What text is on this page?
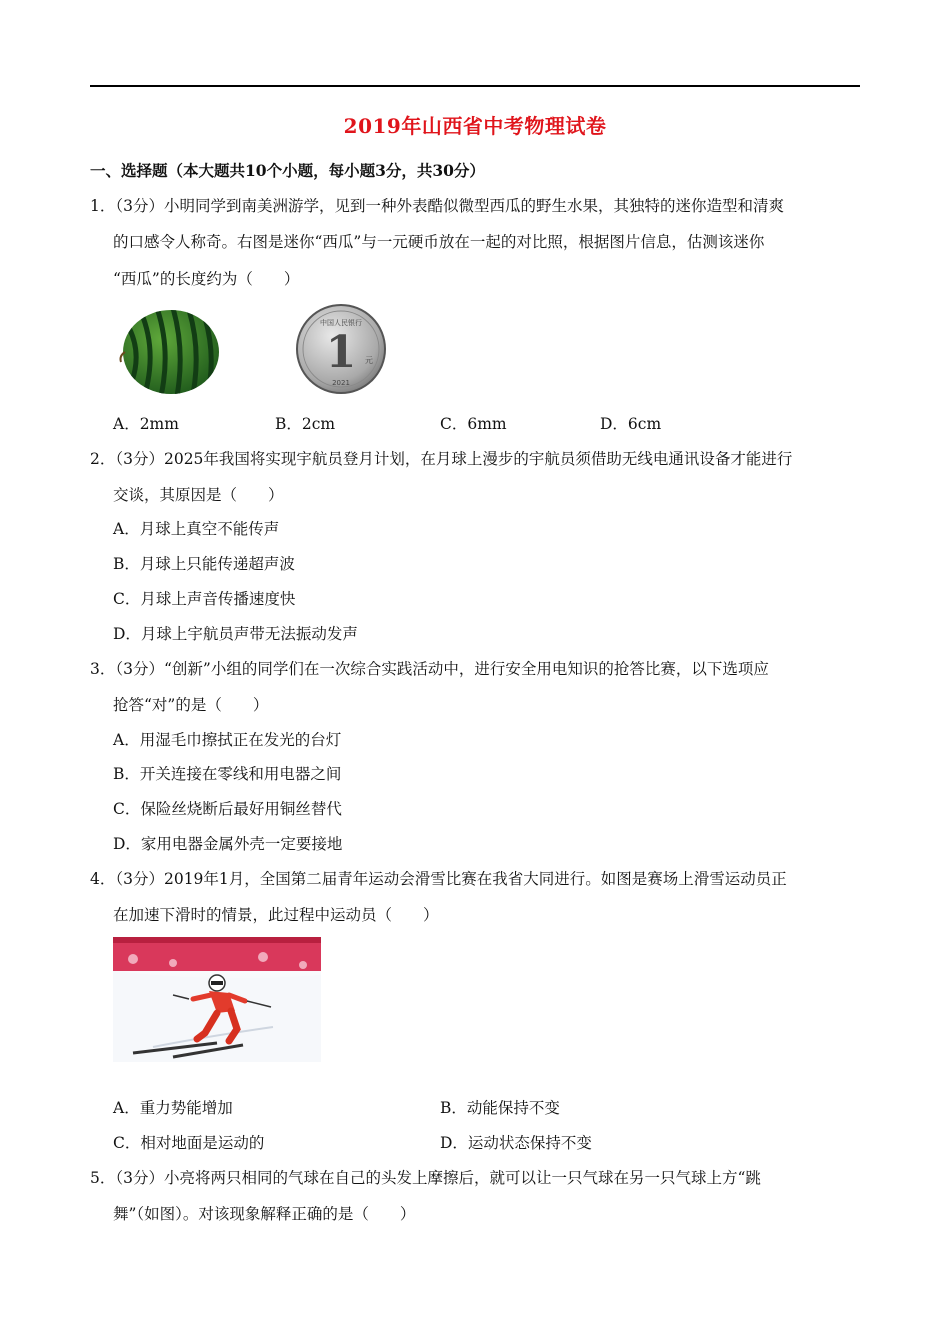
2019年山西省中考物理试卷
一、选择题（本大题共10个小题，每小题3分，共30分）
1．（3分）小明同学到南美洲游学，见到一种外表酷似微型西瓜的野生水果，其独特的迷你造型和清爽
的口感令人称奇。右图是迷你“西瓜”与一元硬币放在一起的对比照，根据图片信息，估测该迷你
“西瓜”的长度约为（　　）
中国人民银行
1 元
2021
A．2mm	B．2cm	C．6mm	D．6cm
2．（3分）2025年我国将实现宇航员登月计划，在月球上漫步的宇航员须借助无线电通讯设备才能进行
交谈，其原因是（　　）
A．月球上真空不能传声
B．月球上只能传递超声波
C．月球上声音传播速度快
D．月球上宇航员声带无法振动发声
3．（3分）“创新”小组的同学们在一次综合实践活动中，进行安全用电知识的抢答比赛，以下选项应
抢答“对”的是（　　）
A．用湿毛巾擦拭正在发光的台灯
B．开关连接在零线和用电器之间
C．保险丝烧断后最好用铜丝替代
D．家用电器金属外壳一定要接地
4．（3分）2019年1月，全国第二届青年运动会滑雪比赛在我省大同进行。如图是赛场上滑雪运动员正
在加速下滑时的情景，此过程中运动员（　　）
A．重力势能增加	B．动能保持不变
C．相对地面是运动的	D．运动状态保持不变
5．（3分）小亮将两只相同的气球在自己的头发上摩擦后，就可以让一只气球在另一只气球上方“跳
舞”（如图）。对该现象解释正确的是（　　）
